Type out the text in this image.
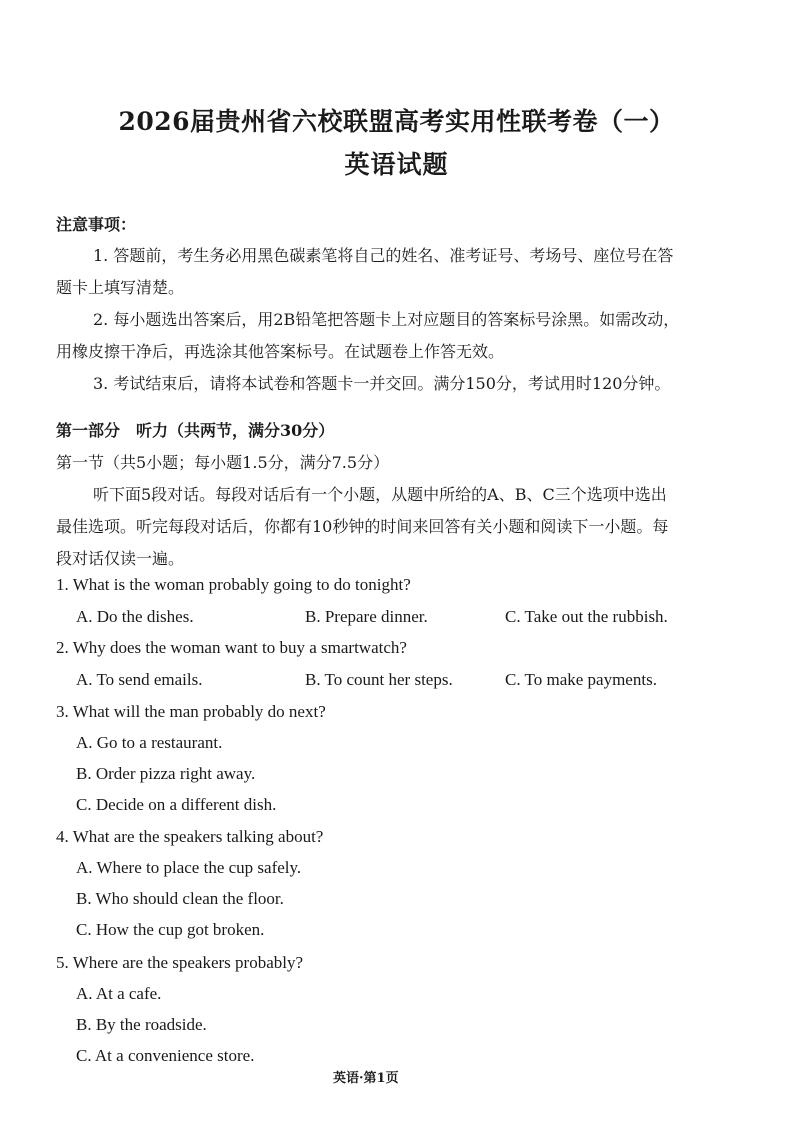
2026届贵州省六校联盟高考实用性联考卷（一）
英语试题
注意事项：
1. 答题前，考生务必用黑色碳素笔将自己的姓名、准考证号、考场号、座位号在答
题卡上填写清楚。
2. 每小题选出答案后，用2B铅笔把答题卡上对应题目的答案标号涂黑。如需改动，
用橡皮擦干净后，再选涂其他答案标号。在试题卷上作答无效。
3. 考试结束后，请将本试卷和答题卡一并交回。满分150分，考试用时120分钟。
第一部分　听力（共两节，满分30分）
第一节（共5小题；每小题1.5分，满分7.5分）
听下面5段对话。每段对话后有一个小题，从题中所给的A、B、C三个选项中选出
最佳选项。听完每段对话后，你都有10秒钟的时间来回答有关小题和阅读下一小题。每
段对话仅读一遍。
1. What is the woman probably going to do tonight?
A. Do the dishes.	B. Prepare dinner.	C. Take out the rubbish.
2. Why does the woman want to buy a smartwatch?
A. To send emails.	B. To count her steps.	C. To make payments.
3. What will the man probably do next?
A. Go to a restaurant.
B. Order pizza right away.
C. Decide on a different dish.
4. What are the speakers talking about?
A. Where to place the cup safely.
B. Who should clean the floor.
C. How the cup got broken.
5. Where are the speakers probably?
A. At a cafe.
B. By the roadside.
C. At a convenience store.
英语·第1页
